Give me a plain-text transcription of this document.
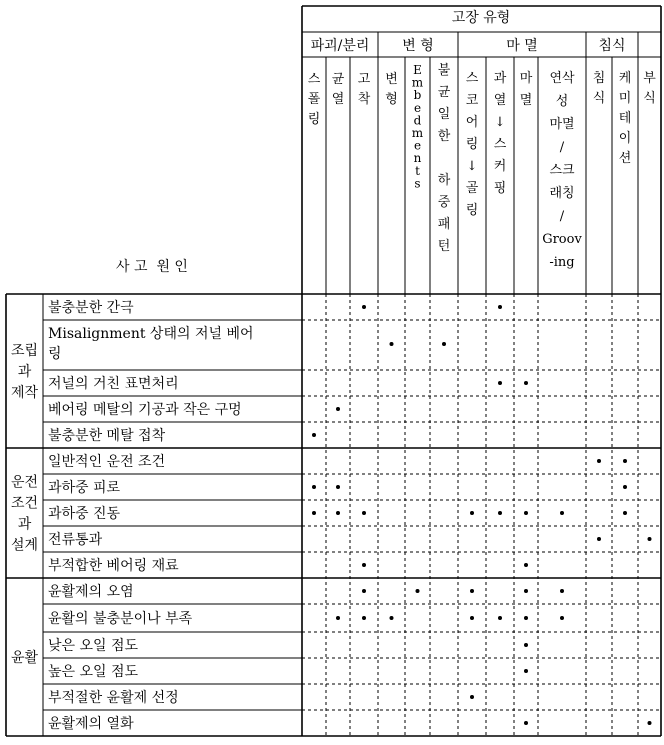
고장 유형
사 고  원 인
파괴/분리 변 형	마 멸	침식
스
폴
링
균
열
고
착
변
형
E
m
b
e
d
m
e
n
t
s
불
균
일
한
하
중
패
턴
스
코
어
링
↓
골
링
과
열
↓
스
커
핑
마
멸
연삭
성
마멸
/
스크
래칭
/
Groov
-ing
침
식
케
미
테
이
션
부
식
조립
과
제작
운전
조건
과
설계
윤활
불충분한 간극
Misalignment 상태의 저널 베어
링
저널의 거친 표면처리
베어링 메탈의 기공과 작은 구멍
불충분한 메탈 접착
일반적인 운전 조건
과하중 피로
과하중 진동
전류통과
부적합한 베어링 재료
윤활제의 오염
윤활의 불충분이나 부족
낮은 오일 점도
높은 오일 점도
부적절한 윤활제 선정
윤활제의 열화
